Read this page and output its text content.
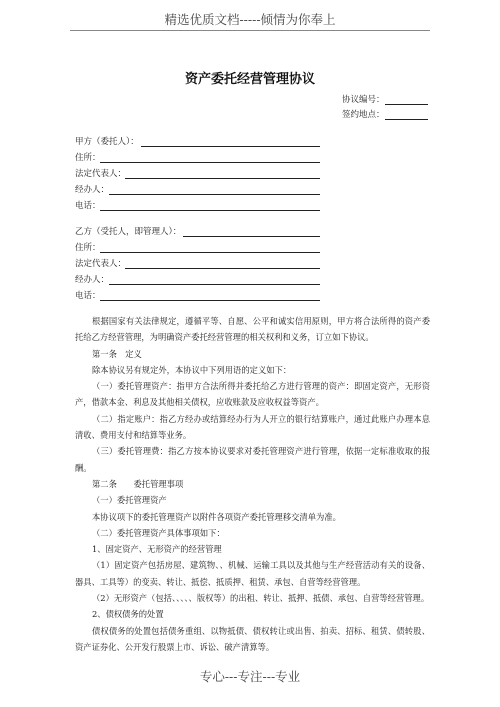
精选优质文档-----倾情为你奉上
资产委托经营管理协议
协议编号：
签约地点：
甲方（委托人）：
住所：
法定代表人：
经办人：
电话：
乙方（受托人，即管理人）：
住所：
法定代表人：
经办人：
电话：

根据国家有关法律规定，遵循平等、自愿、公平和诚实信用原则，甲方将合法所得的资产委托给乙方经营管理，为明确资产委托经营管理的相关权利和义务，订立如下协议。

第一条　定义

除本协议另有规定外，本协议中下列用语的定义如下：

（一）委托管理资产：指甲方合法所得并委托给乙方进行管理的资产：即固定资产，无形资产，借款本金、利息及其他相关债权，应收账款及应收权益等资产。

（二）指定账户：指乙方经办或结算经办行为人开立的银行结算账户，通过此账户办理本息清收、费用支付和结算等业务。

（三）委托管理费：指乙方按本协议要求对委托管理资产进行管理，依据一定标准收取的报酬。

第二条　　委托管理事项

（一）委托管理资产

本协议项下的委托管理资产以附件各项资产委托管理移交清单为准。

（二）委托管理资产具体事项如下：

1、固定资产、无形资产的经营管理

（1）固定资产包括房屋、建筑物、、机械、运输工具以及其他与生产经营活动有关的设备、器具、工具等）的变卖、转让、抵偿、抵质押、租赁、承包、自营等经营管理。

（2）无形资产（包括、、、、、版权等）的出租、转让、抵押、抵债、承包、自营等经营管理。

2、债权债务的处置

债权债务的处置包括债务重组、以物抵债、债权转让或出售、拍卖、招标、租赁、债转股、资产证券化、公开发行股票上市、诉讼、破产清算等。

专心---专注---专业
